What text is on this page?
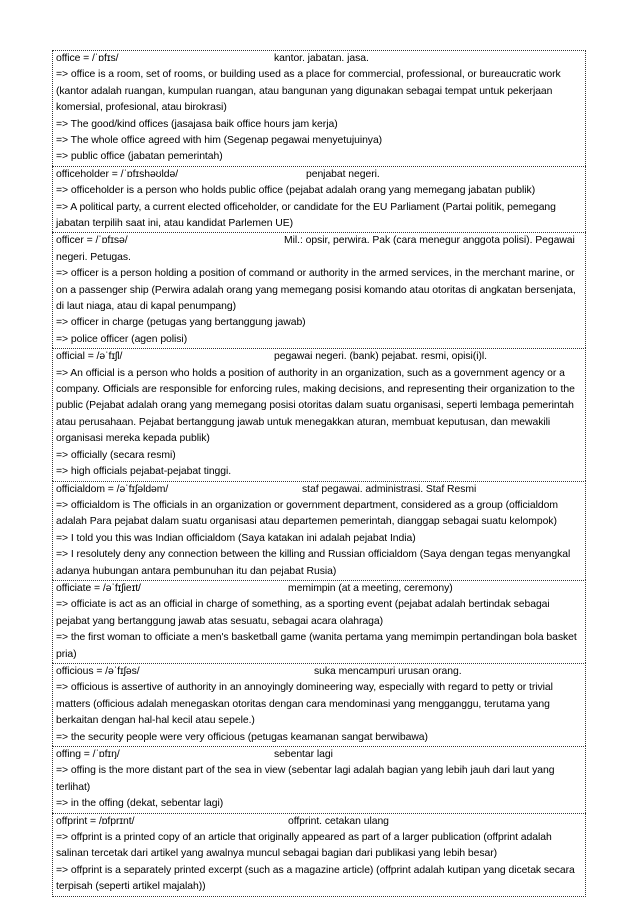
office = /ˈɒfɪs/	kantor. jabatan. jasa.
=> office is a room, set of rooms, or building used as a place for commercial, professional, or bureaucratic work (kantor adalah ruangan, kumpulan ruangan, atau bangunan yang digunakan sebagai tempat untuk pekerjaan komersial, profesional, atau birokrasi)
=> The good/kind offices (jasajasa baik office hours jam kerja)
=> The whole office agreed with him (Segenap pegawai menyetujuinya)
=> public office (jabatan pemerintah)
officeholder = /ˈɒfɪshəʊldə/	penjabat negeri.
=> officeholder is a person who holds public office (pejabat adalah orang yang memegang jabatan publik)
=> A political party, a current elected officeholder, or candidate for the EU Parliament (Partai politik, pemegang jabatan terpilih saat ini, atau kandidat Parlemen UE)
officer = /ˈɒfɪsə/	Mil.: opsir, perwira. Pak (cara menegur anggota polisi). Pegawai negeri. Petugas.
=> officer is a person holding a position of command or authority in the armed services, in the merchant marine, or on a passenger ship (Perwira adalah orang yang memegang posisi komando atau otoritas di angkatan bersenjata, di laut niaga, atau di kapal penumpang)
=> officer in charge (petugas yang bertanggung jawab)
=> police officer (agen polisi)
official = /əˈfɪʃl/	pegawai negeri. (bank) pejabat. resmi, opisi(i)l.
=> An official is a person who holds a position of authority in an organization, such as a government agency or a company. Officials are responsible for enforcing rules, making decisions, and representing their organization to the public (Pejabat adalah orang yang memegang posisi otoritas dalam suatu organisasi, seperti lembaga pemerintah atau perusahaan. Pejabat bertanggung jawab untuk menegakkan aturan, membuat keputusan, dan mewakili organisasi mereka kepada publik)
=> officially (secara resmi)
=> high officials pejabat-pejabat tinggi.
officialdom = /əˈfɪʃəldəm/	staf pegawai. administrasi. Staf Resmi
=> officialdom is The officials in an organization or government department, considered as a group (officialdom adalah Para pejabat dalam suatu organisasi atau departemen pemerintah, dianggap sebagai suatu kelompok)
=> I told you this was Indian officialdom (Saya katakan ini adalah pejabat India)
=> I resolutely deny any connection between the killing and Russian officialdom (Saya dengan tegas menyangkal adanya hubungan antara pembunuhan itu dan pejabat Rusia)
officiate = /əˈfɪʃieɪt/	memimpin (at a meeting, ceremony)
=> officiate is act as an official in charge of something, as a sporting event (pejabat adalah bertindak sebagai pejabat yang bertanggung jawab atas sesuatu, sebagai acara olahraga)
=> the first woman to officiate a men's basketball game (wanita pertama yang memimpin pertandingan bola basket pria)
officious = /əˈfɪʃəs/	suka mencampuri urusan orang.
=> officious is assertive of authority in an annoyingly domineering way, especially with regard to petty or trivial matters (officious adalah menegaskan otoritas dengan cara mendominasi yang mengganggu, terutama yang berkaitan dengan hal-hal kecil atau sepele.)
=> the security people were very officious (petugas keamanan sangat berwibawa)
offing = /ˈɒfɪŋ/	sebentar lagi
=> offing is the more distant part of the sea in view (sebentar lagi adalah bagian yang lebih jauh dari laut yang terlihat)
=> in the offing (dekat, sebentar lagi)
offprint = /ɒfprɪnt/	offprint. cetakan ulang
=> offprint is a printed copy of an article that originally appeared as part of a larger publication (offprint adalah salinan tercetak dari artikel yang awalnya muncul sebagai bagian dari publikasi yang lebih besar)
=> offprint is a separately printed excerpt (such as a magazine article) (offprint adalah kutipan yang dicetak secara terpisah (seperti artikel majalah))
